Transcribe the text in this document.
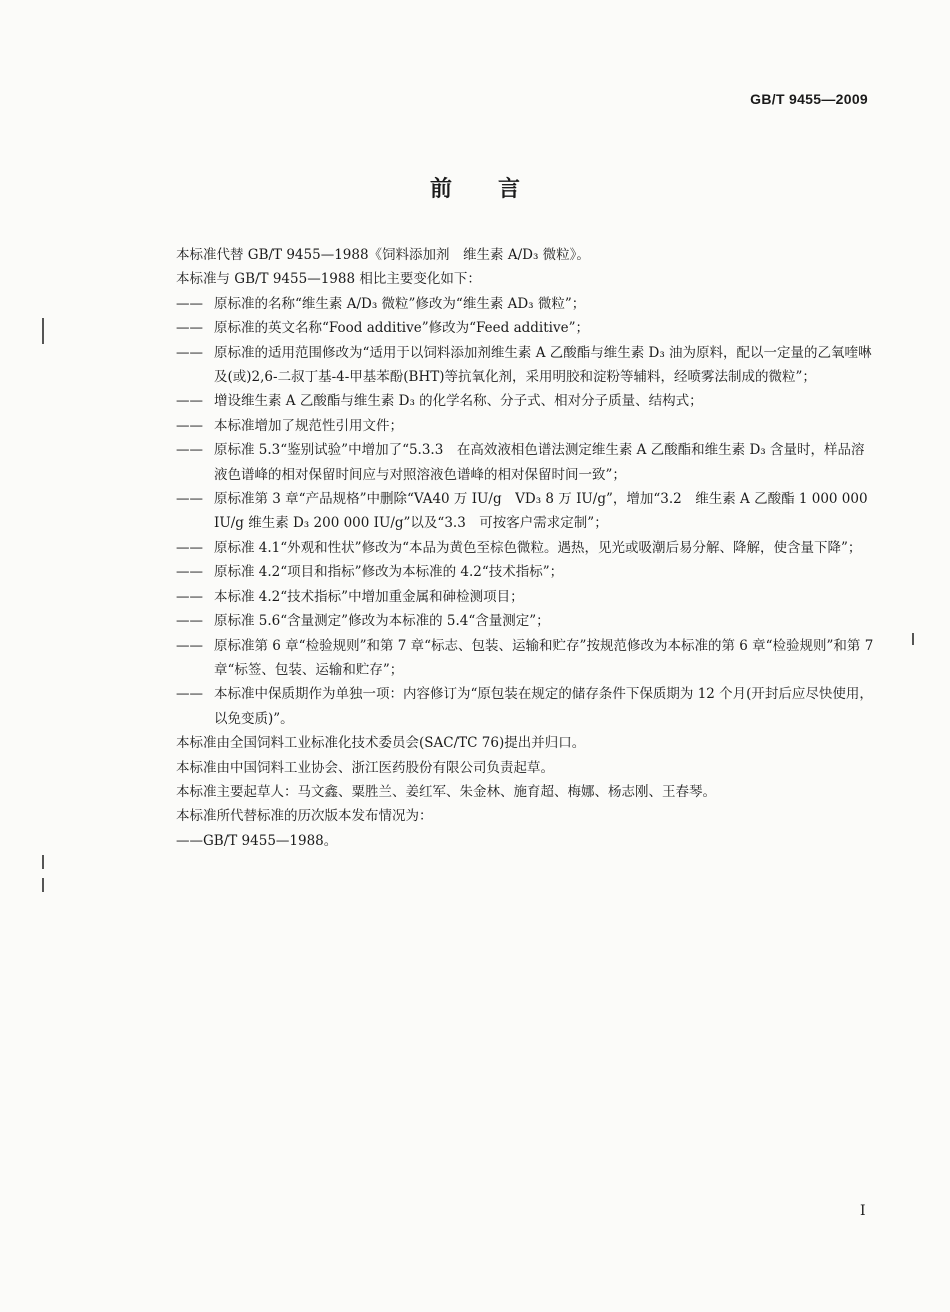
GB/T 9455—2009
前言

本标准代替 GB/T 9455—1988《饲料添加剂　维生素 A/D₃ 微粒》。

本标准与 GB/T 9455—1988 相比主要变化如下：

—— 原标准的名称“维生素 A/D₃ 微粒”修改为“维生素 AD₃ 微粒”；

—— 原标准的英文名称“Food additive”修改为“Feed additive”；

—— 原标准的适用范围修改为“适用于以饲料添加剂维生素 A 乙酸酯与维生素 D₃ 油为原料，配以一定量的乙氧喹啉及(或)2,6-二叔丁基-4-甲基苯酚(BHT)等抗氧化剂，采用明胶和淀粉等辅料，经喷雾法制成的微粒”；

—— 增设维生素 A 乙酸酯与维生素 D₃ 的化学名称、分子式、相对分子质量、结构式；

—— 本标准增加了规范性引用文件；

—— 原标准 5.3“鉴别试验”中增加了“5.3.3　在高效液相色谱法测定维生素 A 乙酸酯和维生素 D₃ 含量时，样品溶液色谱峰的相对保留时间应与对照溶液色谱峰的相对保留时间一致”；

—— 原标准第 3 章“产品规格”中删除“VA40 万 IU/g　VD₃ 8 万 IU/g”，增加“3.2　维生素 A 乙酸酯 1 000 000 IU/g 维生素 D₃ 200 000 IU/g”以及“3.3　可按客户需求定制”；

—— 原标准 4.1“外观和性状”修改为“本品为黄色至棕色微粒。遇热，见光或吸潮后易分解、降解，使含量下降”；

—— 原标准 4.2“项目和指标”修改为本标准的 4.2“技术指标”；

—— 本标准 4.2“技术指标”中增加重金属和砷检测项目；

—— 原标准 5.6“含量测定”修改为本标准的 5.4“含量测定”；

—— 原标准第 6 章“检验规则”和第 7 章“标志、包装、运输和贮存”按规范修改为本标准的第 6 章“检验规则”和第 7 章“标签、包装、运输和贮存”；

—— 本标准中保质期作为单独一项：内容修订为“原包装在规定的储存条件下保质期为 12 个月(开封后应尽快使用，以免变质)”。

本标准由全国饲料工业标准化技术委员会(SAC/TC 76)提出并归口。

本标准由中国饲料工业协会、浙江医药股份有限公司负责起草。

本标准主要起草人：马文鑫、粟胜兰、姜红军、朱金林、施育超、梅娜、杨志刚、王春琴。

本标准所代替标准的历次版本发布情况为：

——GB/T 9455—1988。

I
